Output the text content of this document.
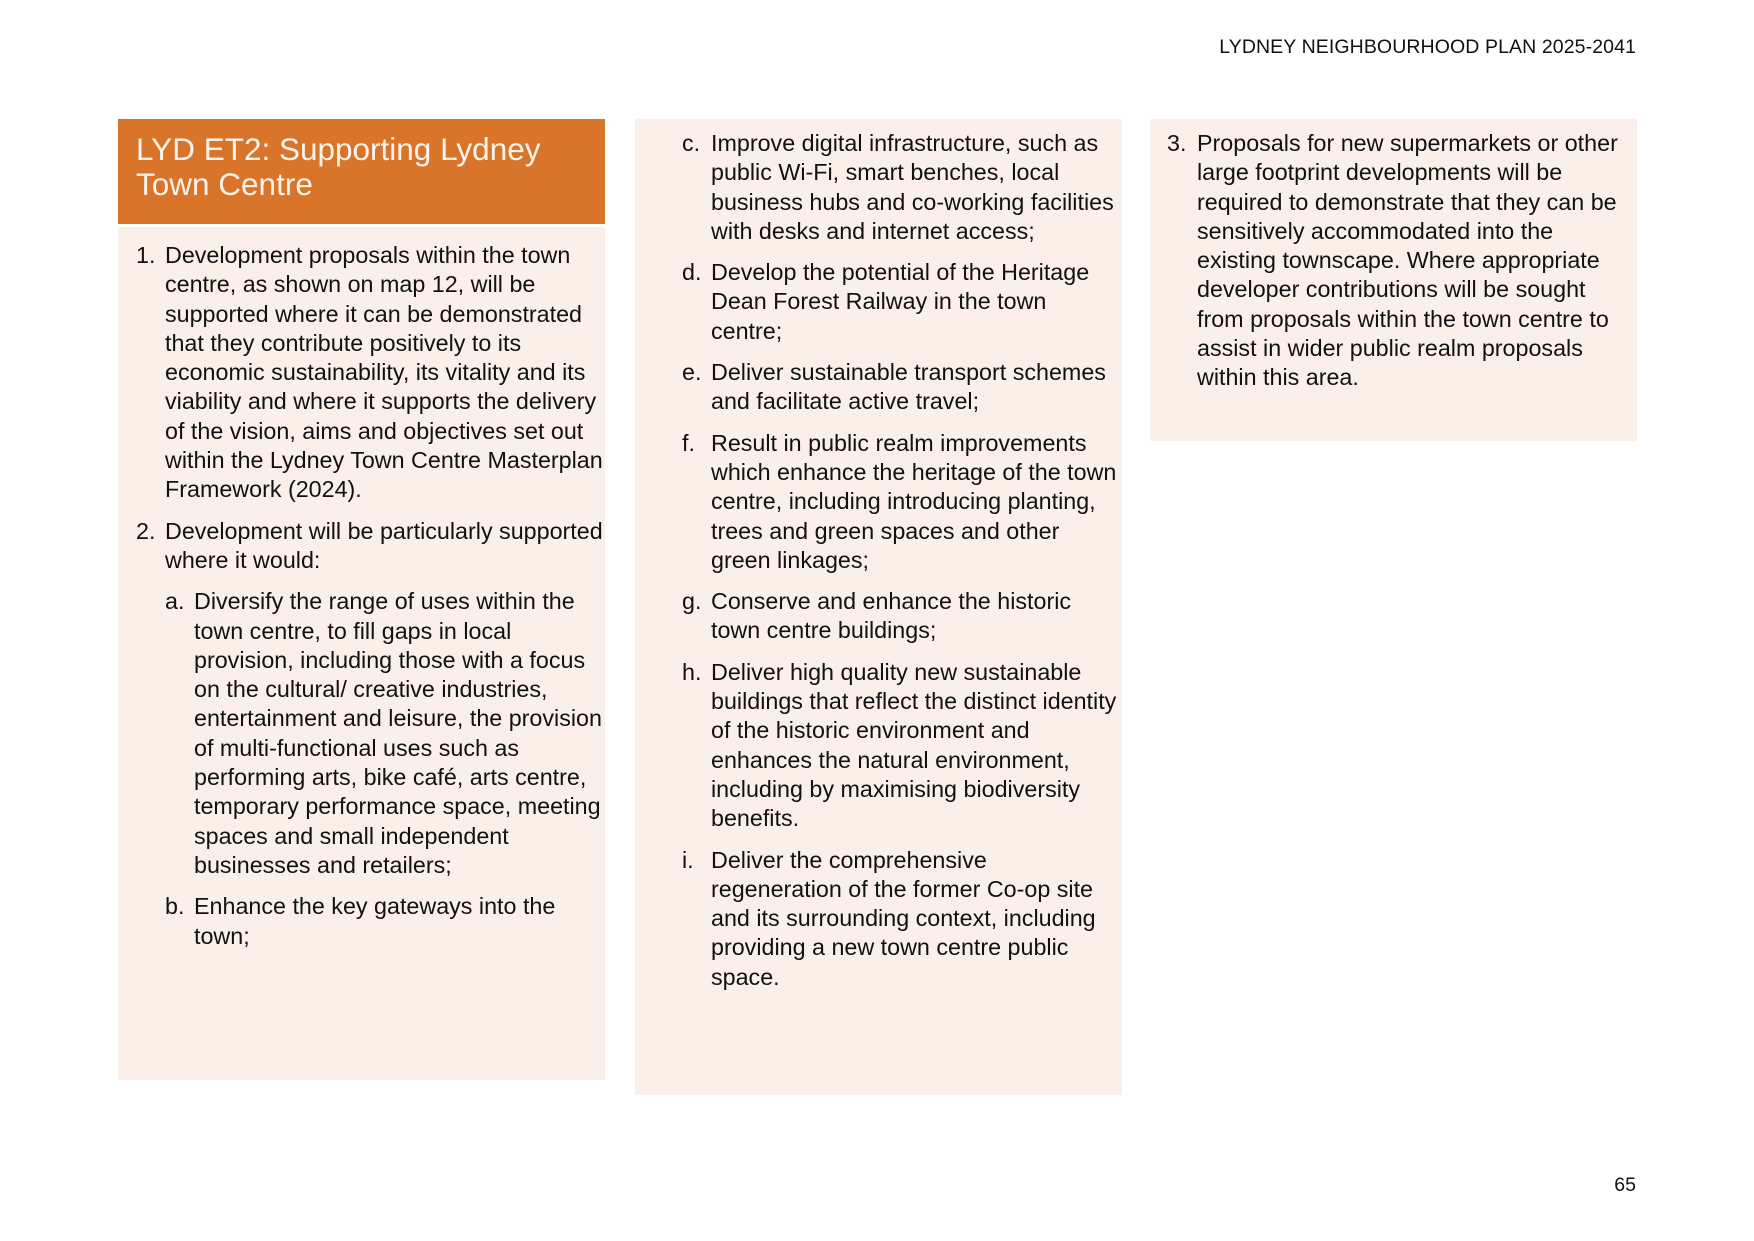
LYDNEY NEIGHBOURHOOD PLAN 2025-2041
LYD ET2: Supporting Lydney Town Centre
1. Development proposals within the town centre, as shown on map 12, will be supported where it can be demonstrated that they contribute positively to its economic sustainability, its vitality and its viability and where it supports the delivery of the vision, aims and objectives set out within the Lydney Town Centre Masterplan Framework (2024).
2. Development will be particularly supported where it would:
a. Diversify the range of uses within the town centre, to fill gaps in local provision, including those with a focus on the cultural/ creative industries, entertainment and leisure, the provision of multi-functional uses such as performing arts, bike café, arts centre, temporary performance space, meeting spaces and small independent businesses and retailers;
b. Enhance the key gateways into the town;
c. Improve digital infrastructure, such as public Wi-Fi, smart benches, local business hubs and co-working facilities with desks and internet access;
d. Develop the potential of the Heritage Dean Forest Railway in the town centre;
e. Deliver sustainable transport schemes and facilitate active travel;
f. Result in public realm improvements which enhance the heritage of the town centre, including introducing planting, trees and green spaces and other green linkages;
g. Conserve and enhance the historic town centre buildings;
h. Deliver high quality new sustainable buildings that reflect the distinct identity of the historic environment and enhances the natural environment, including by maximising biodiversity benefits.
i. Deliver the comprehensive regeneration of the former Co-op site and its surrounding context, including providing a new town centre public space.
3. Proposals for new supermarkets or other large footprint developments will be required to demonstrate that they can be sensitively accommodated into the existing townscape. Where appropriate developer contributions will be sought from proposals within the town centre to assist in wider public realm proposals within this area.
65
